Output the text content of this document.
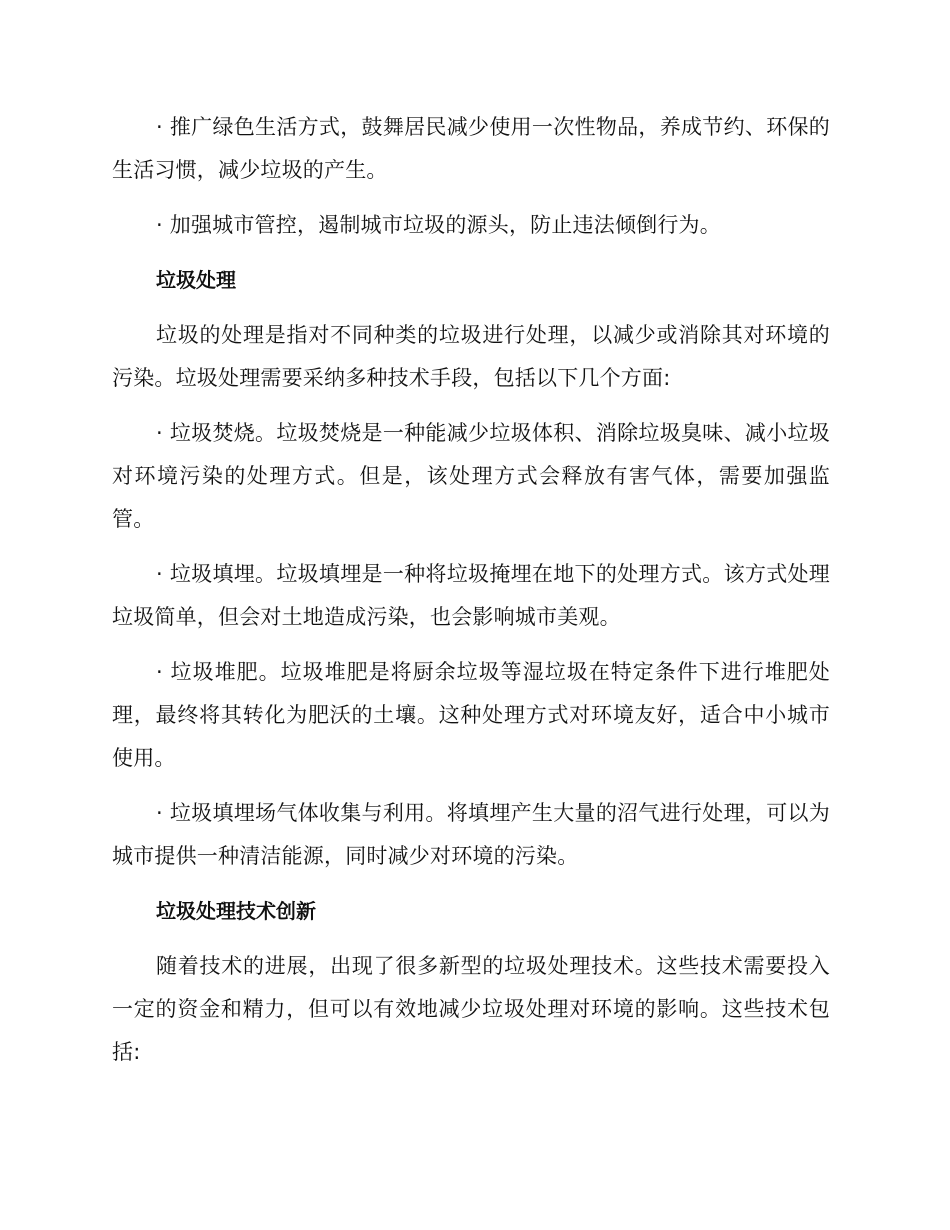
· 推广绿色生活方式，鼓舞居民减少使用一次性物品，养成节约、环保的生活习惯，减少垃圾的产生。

· 加强城市管控，遏制城市垃圾的源头，防止违法倾倒行为。

垃圾处理

垃圾的处理是指对不同种类的垃圾进行处理，以减少或消除其对环境的污染。垃圾处理需要采纳多种技术手段，包括以下几个方面:

· 垃圾焚烧。垃圾焚烧是一种能减少垃圾体积、消除垃圾臭味、减小垃圾对环境污染的处理方式。但是，该处理方式会释放有害气体，需要加强监管。

· 垃圾填埋。垃圾填埋是一种将垃圾掩埋在地下的处理方式。该方式处理垃圾简单，但会对土地造成污染，也会影响城市美观。

· 垃圾堆肥。垃圾堆肥是将厨余垃圾等湿垃圾在特定条件下进行堆肥处理，最终将其转化为肥沃的土壤。这种处理方式对环境友好，适合中小城市使用。

· 垃圾填埋场气体收集与利用。将填埋产生大量的沼气进行处理，可以为城市提供一种清洁能源，同时减少对环境的污染。

垃圾处理技术创新

随着技术的进展，出现了很多新型的垃圾处理技术。这些技术需要投入一定的资金和精力，但可以有效地减少垃圾处理对环境的影响。这些技术包括:
